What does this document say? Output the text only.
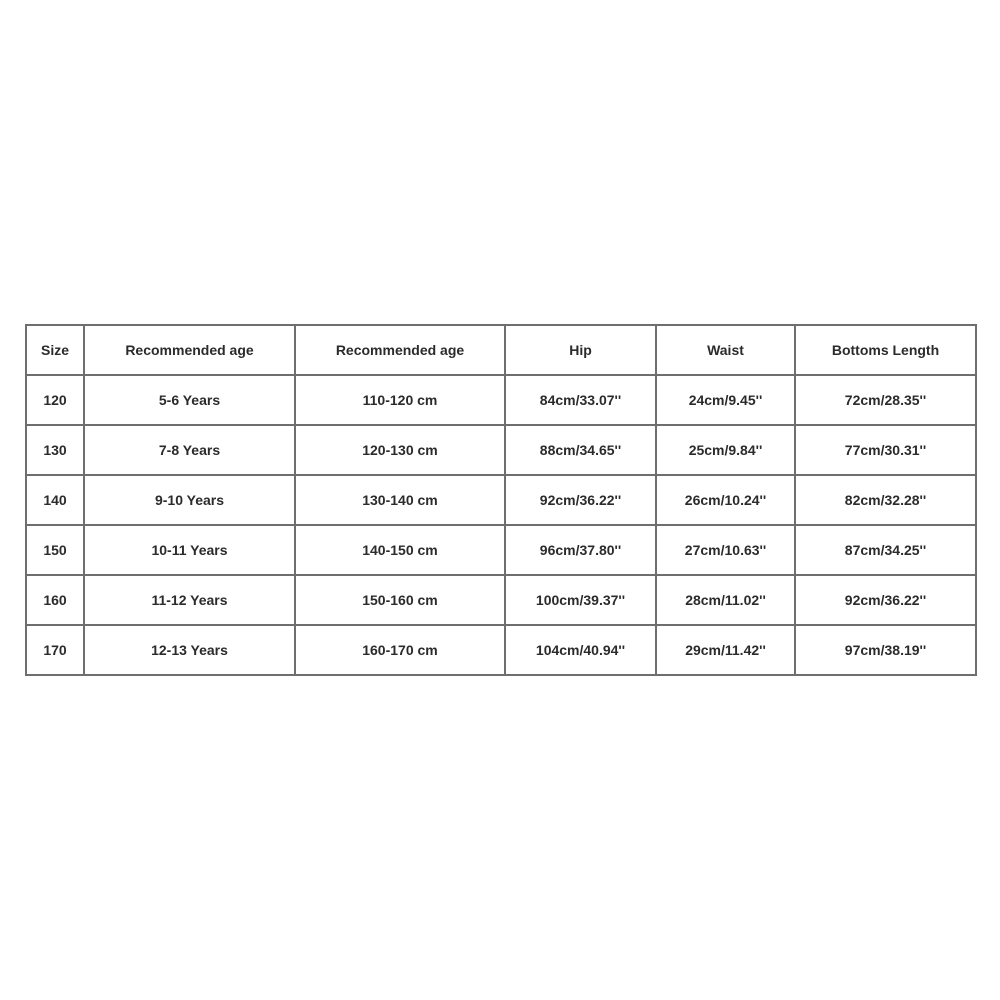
Size	Recommended age	Recommended age	Hip	Waist	Bottoms Length
120	5-6 Years	110-120 cm	84cm/33.07''	24cm/9.45''	72cm/28.35''
130	7-8 Years	120-130 cm	88cm/34.65''	25cm/9.84''	77cm/30.31''
140	9-10 Years	130-140 cm	92cm/36.22''	26cm/10.24''	82cm/32.28''
150	10-11 Years	140-150 cm	96cm/37.80''	27cm/10.63''	87cm/34.25''
160	11-12 Years	150-160 cm	100cm/39.37''	28cm/11.02''	92cm/36.22''
170	12-13 Years	160-170 cm	104cm/40.94''	29cm/11.42''	97cm/38.19''
